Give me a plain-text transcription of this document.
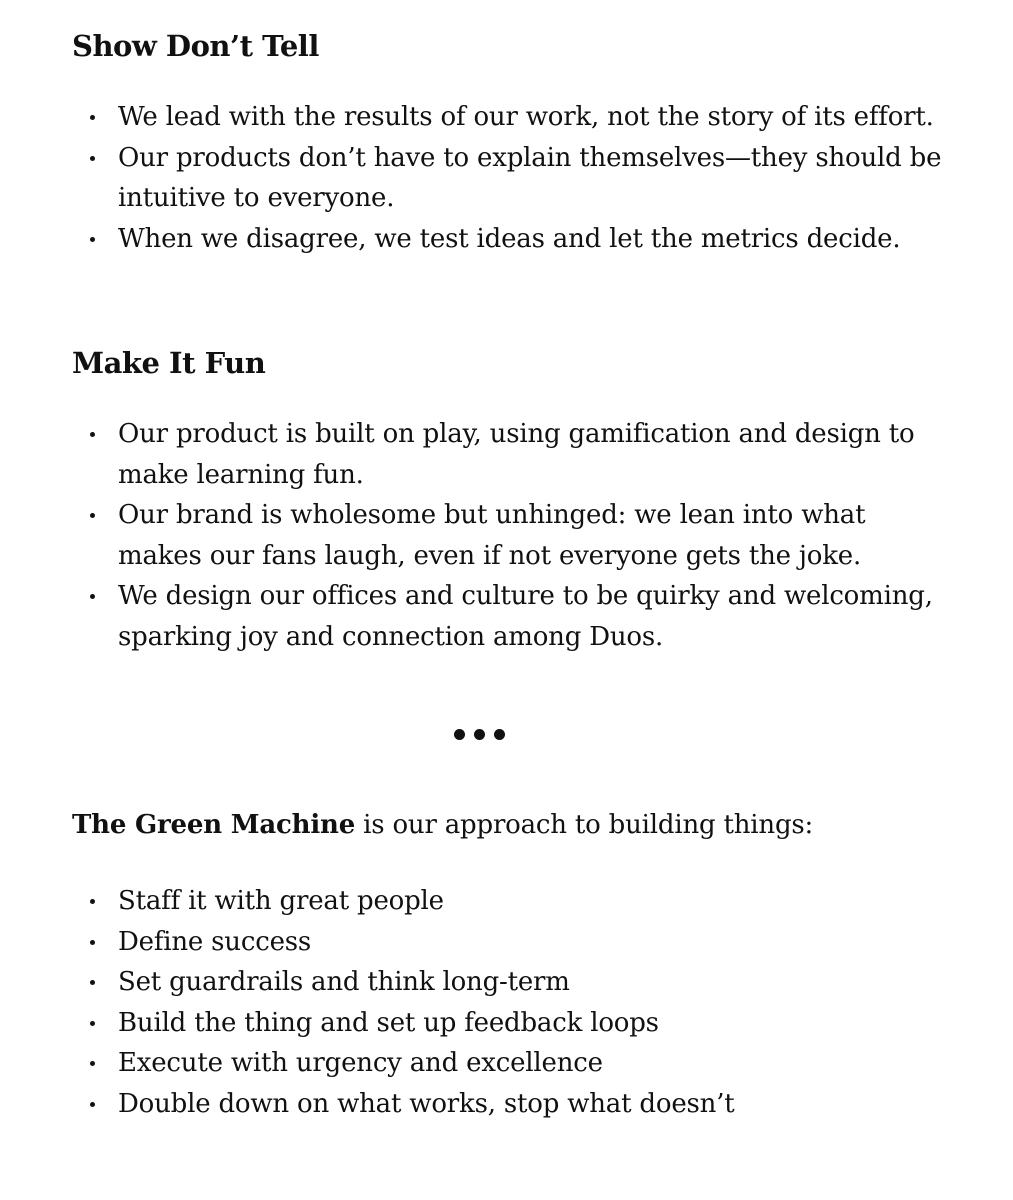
Show Don’t Tell
We lead with the results of our work, not the story of its effort.
Our products don’t have to explain themselves—they should be intuitive to everyone.
When we disagree, we test ideas and let the metrics decide.
Make It Fun
Our product is built on play, using gamification and design to make learning fun.
Our brand is wholesome but unhinged: we lean into what makes our fans laugh, even if not everyone gets the joke.
We design our offices and culture to be quirky and welcoming, sparking joy and connection among Duos.

The Green Machine is our approach to building things:

Staff it with great people
Define success
Set guardrails and think long-term
Build the thing and set up feedback loops
Execute with urgency and excellence
Double down on what works, stop what doesn’t
